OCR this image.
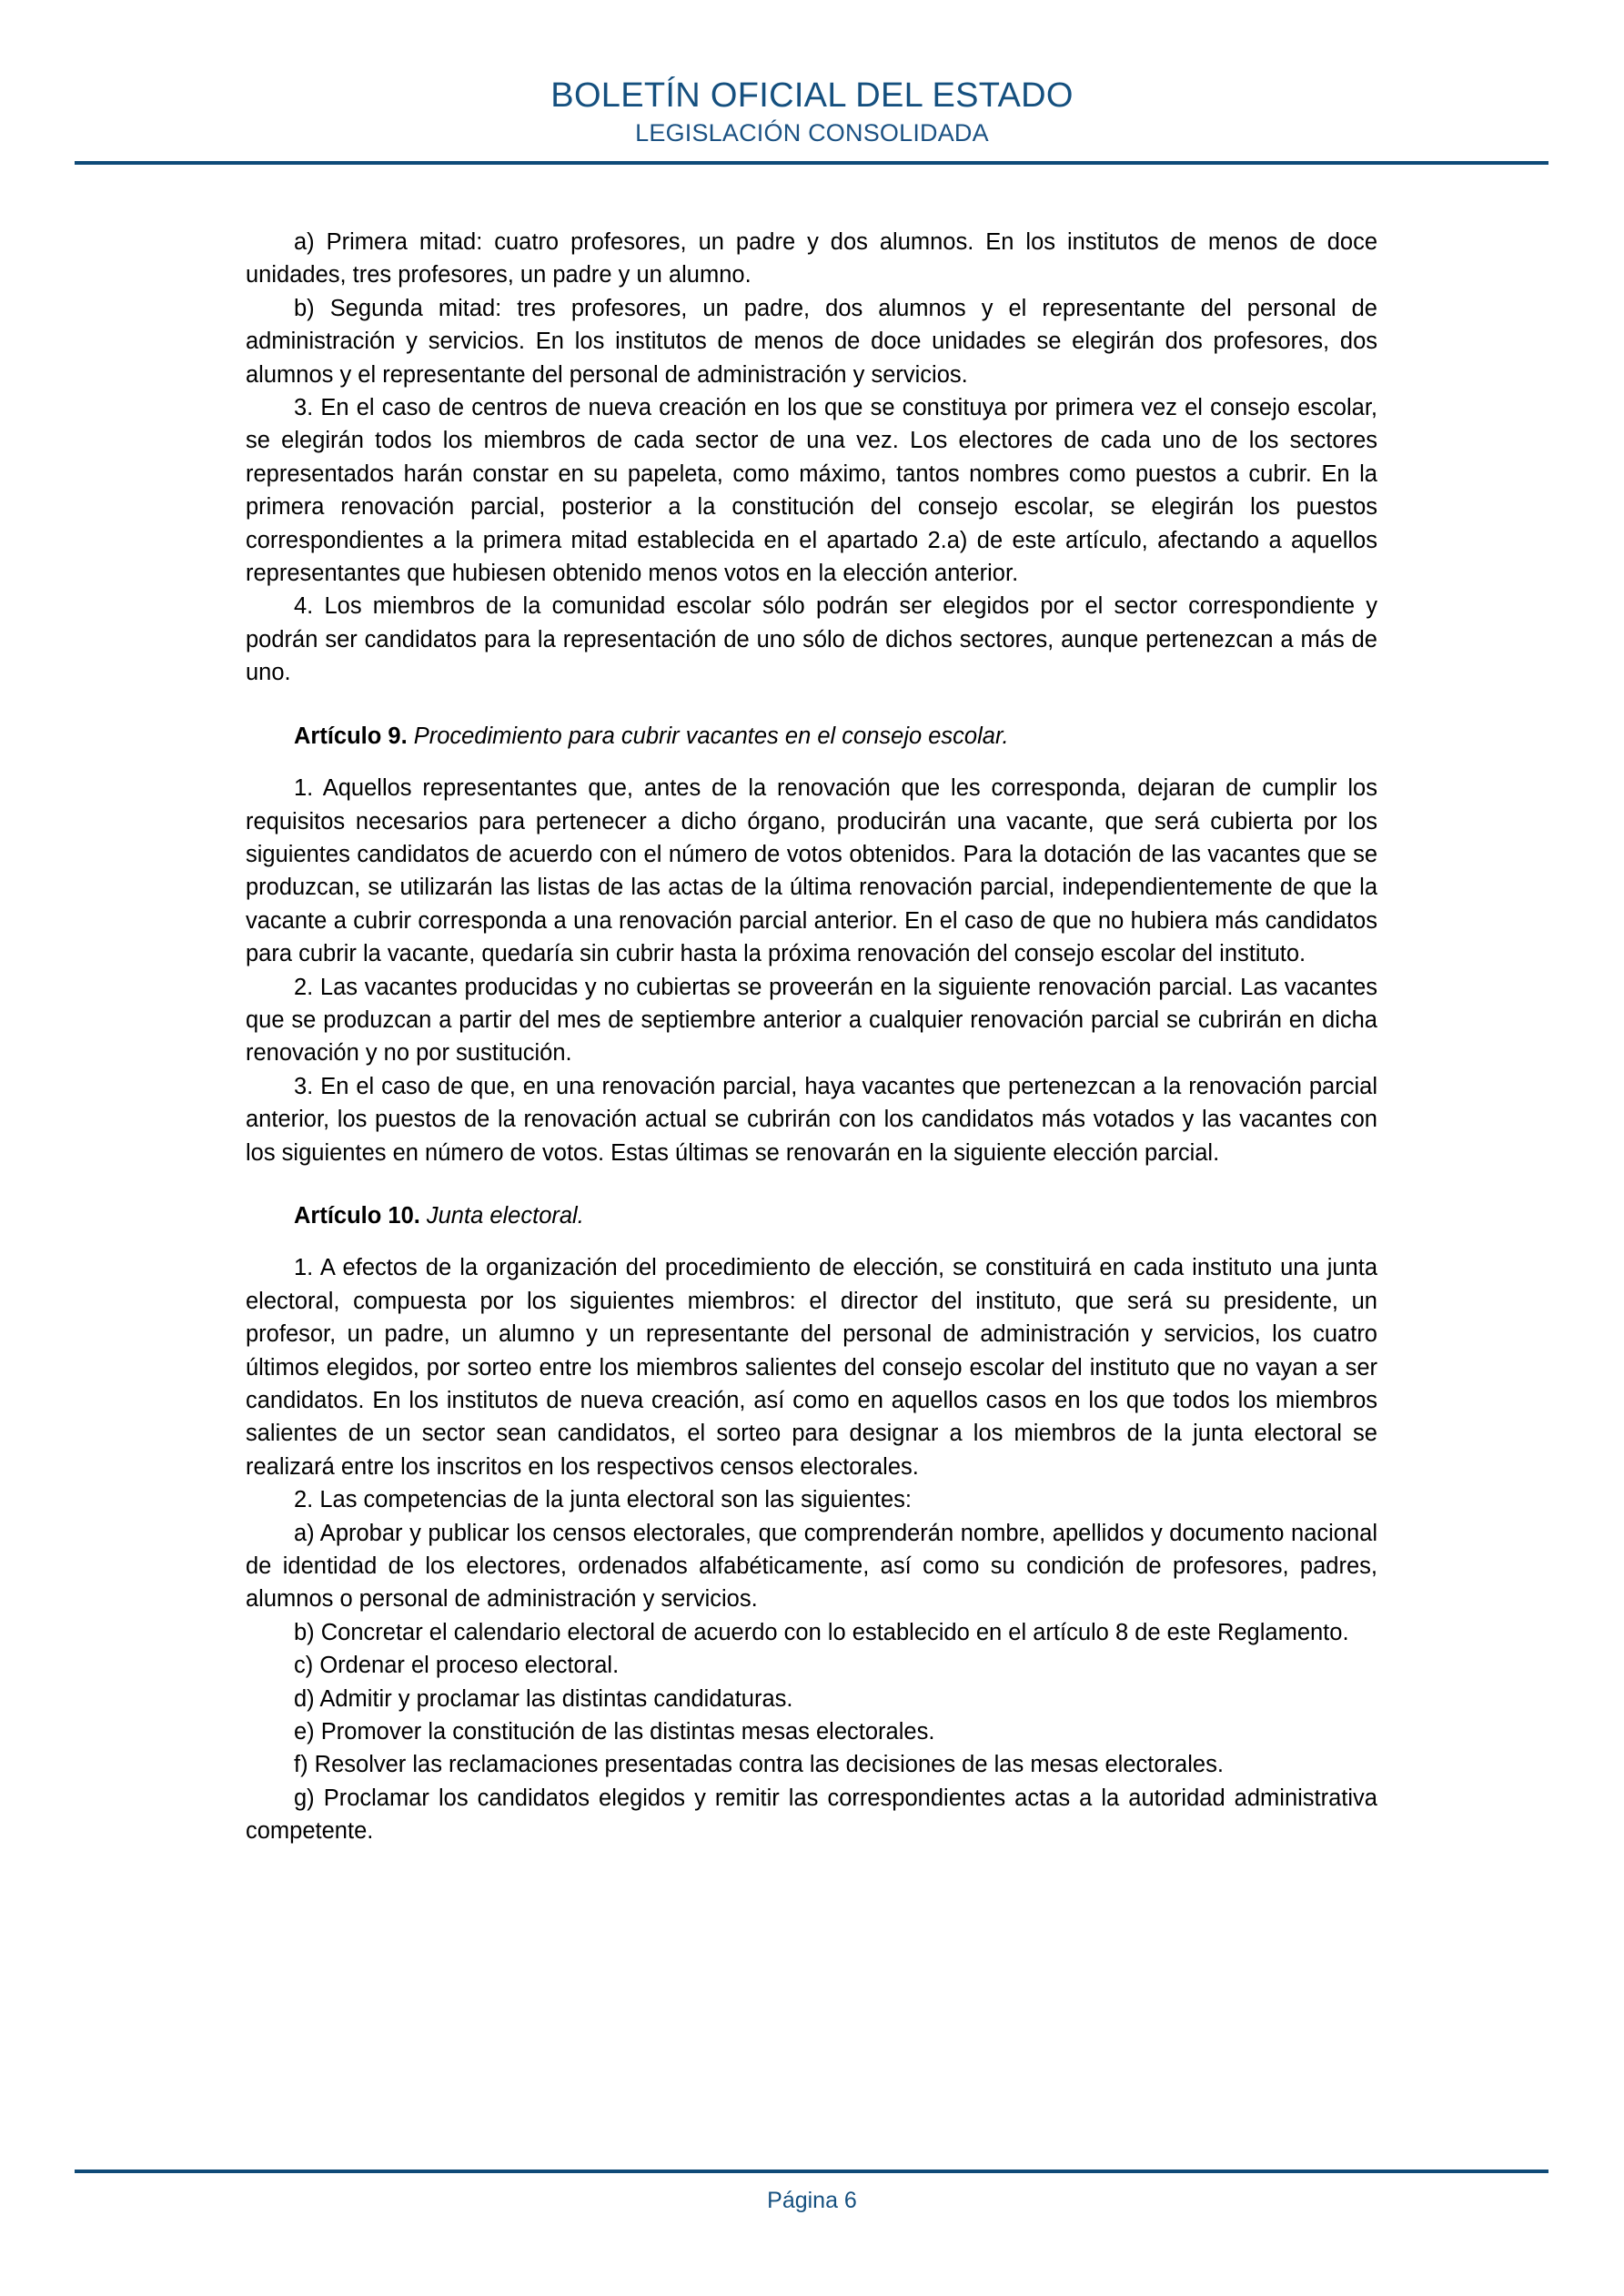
BOLETÍN OFICIAL DEL ESTADO
LEGISLACIÓN CONSOLIDADA

a) Primera mitad: cuatro profesores, un padre y dos alumnos. En los institutos de menos de doce unidades, tres profesores, un padre y un alumno.

b) Segunda mitad: tres profesores, un padre, dos alumnos y el representante del personal de administración y servicios. En los institutos de menos de doce unidades se elegirán dos profesores, dos alumnos y el representante del personal de administración y servicios.

3. En el caso de centros de nueva creación en los que se constituya por primera vez el consejo escolar, se elegirán todos los miembros de cada sector de una vez. Los electores de cada uno de los sectores representados harán constar en su papeleta, como máximo, tantos nombres como puestos a cubrir. En la primera renovación parcial, posterior a la constitución del consejo escolar, se elegirán los puestos correspondientes a la primera mitad establecida en el apartado 2.a) de este artículo, afectando a aquellos representantes que hubiesen obtenido menos votos en la elección anterior.

4. Los miembros de la comunidad escolar sólo podrán ser elegidos por el sector correspondiente y podrán ser candidatos para la representación de uno sólo de dichos sectores, aunque pertenezcan a más de uno.

Artículo 9. Procedimiento para cubrir vacantes en el consejo escolar.

1. Aquellos representantes que, antes de la renovación que les corresponda, dejaran de cumplir los requisitos necesarios para pertenecer a dicho órgano, producirán una vacante, que será cubierta por los siguientes candidatos de acuerdo con el número de votos obtenidos. Para la dotación de las vacantes que se produzcan, se utilizarán las listas de las actas de la última renovación parcial, independientemente de que la vacante a cubrir corresponda a una renovación parcial anterior. En el caso de que no hubiera más candidatos para cubrir la vacante, quedaría sin cubrir hasta la próxima renovación del consejo escolar del instituto.

2. Las vacantes producidas y no cubiertas se proveerán en la siguiente renovación parcial. Las vacantes que se produzcan a partir del mes de septiembre anterior a cualquier renovación parcial se cubrirán en dicha renovación y no por sustitución.

3. En el caso de que, en una renovación parcial, haya vacantes que pertenezcan a la renovación parcial anterior, los puestos de la renovación actual se cubrirán con los candidatos más votados y las vacantes con los siguientes en número de votos. Estas últimas se renovarán en la siguiente elección parcial.

Artículo 10. Junta electoral.

1. A efectos de la organización del procedimiento de elección, se constituirá en cada instituto una junta electoral, compuesta por los siguientes miembros: el director del instituto, que será su presidente, un profesor, un padre, un alumno y un representante del personal de administración y servicios, los cuatro últimos elegidos, por sorteo entre los miembros salientes del consejo escolar del instituto que no vayan a ser candidatos. En los institutos de nueva creación, así como en aquellos casos en los que todos los miembros salientes de un sector sean candidatos, el sorteo para designar a los miembros de la junta electoral se realizará entre los inscritos en los respectivos censos electorales.

2. Las competencias de la junta electoral son las siguientes:

a) Aprobar y publicar los censos electorales, que comprenderán nombre, apellidos y documento nacional de identidad de los electores, ordenados alfabéticamente, así como su condición de profesores, padres, alumnos o personal de administración y servicios.

b) Concretar el calendario electoral de acuerdo con lo establecido en el artículo 8 de este Reglamento.

c) Ordenar el proceso electoral.

d) Admitir y proclamar las distintas candidaturas.

e) Promover la constitución de las distintas mesas electorales.

f) Resolver las reclamaciones presentadas contra las decisiones de las mesas electorales.

g) Proclamar los candidatos elegidos y remitir las correspondientes actas a la autoridad administrativa competente.

Página 6
